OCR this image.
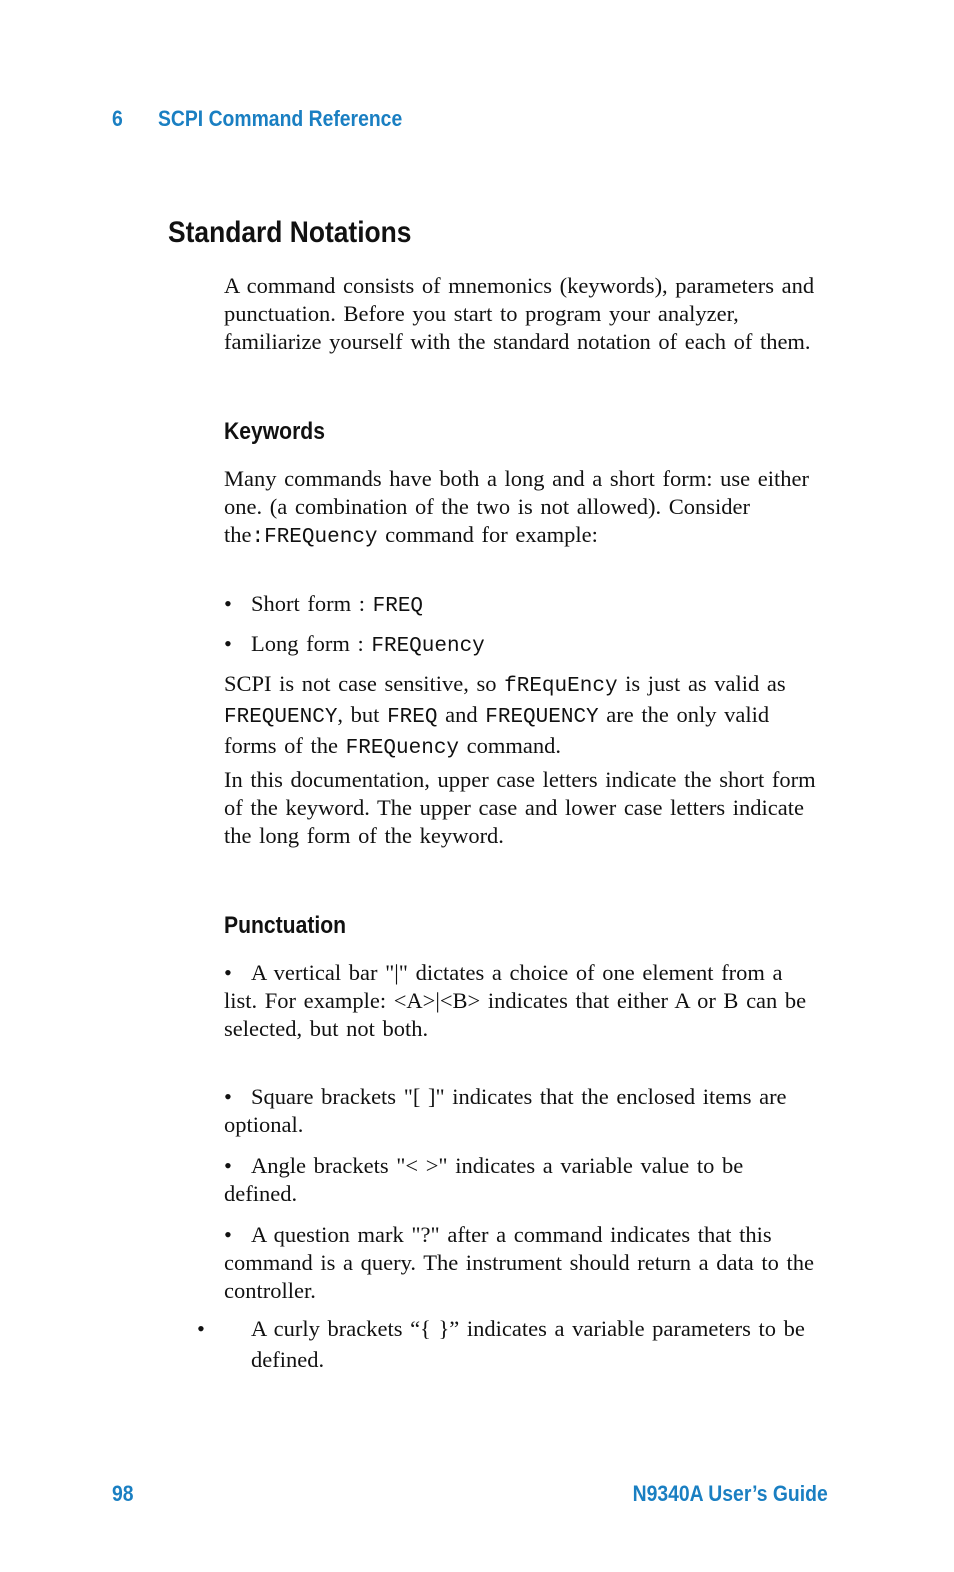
6 SCPI Command Reference
Standard Notations

A command consists of mnemonics (keywords), parameters and punctuation. Before you start to program your analyzer, familiarize yourself with the standard notation of each of them.

Keywords

Many commands have both a long and a short form: use either one. (a combination of the two is not allowed). Consider the:FREQuency command for example:

• Short form : FREQ

• Long form : FREQuency

SCPI is not case sensitive, so fREquEncy is just as valid as FREQUENCY, but FREQ and FREQUENCY are the only valid forms of the FREQuency command.

In this documentation, upper case letters indicate the short form of the keyword. The upper case and lower case letters indicate the long form of the keyword.

Punctuation

• A vertical bar "|" dictates a choice of one element from a list. For example: <A>|<B> indicates that either A or B can be selected, but not both.

• Square brackets "[ ]" indicates that the enclosed items are optional.

• Angle brackets "< >" indicates a variable value to be defined.

• A question mark "?" after a command indicates that this command is a query. The instrument should return a data to the controller.

• A curly brackets “{ }” indicates a variable parameters to be defined.

98	N9340A User’s Guide
